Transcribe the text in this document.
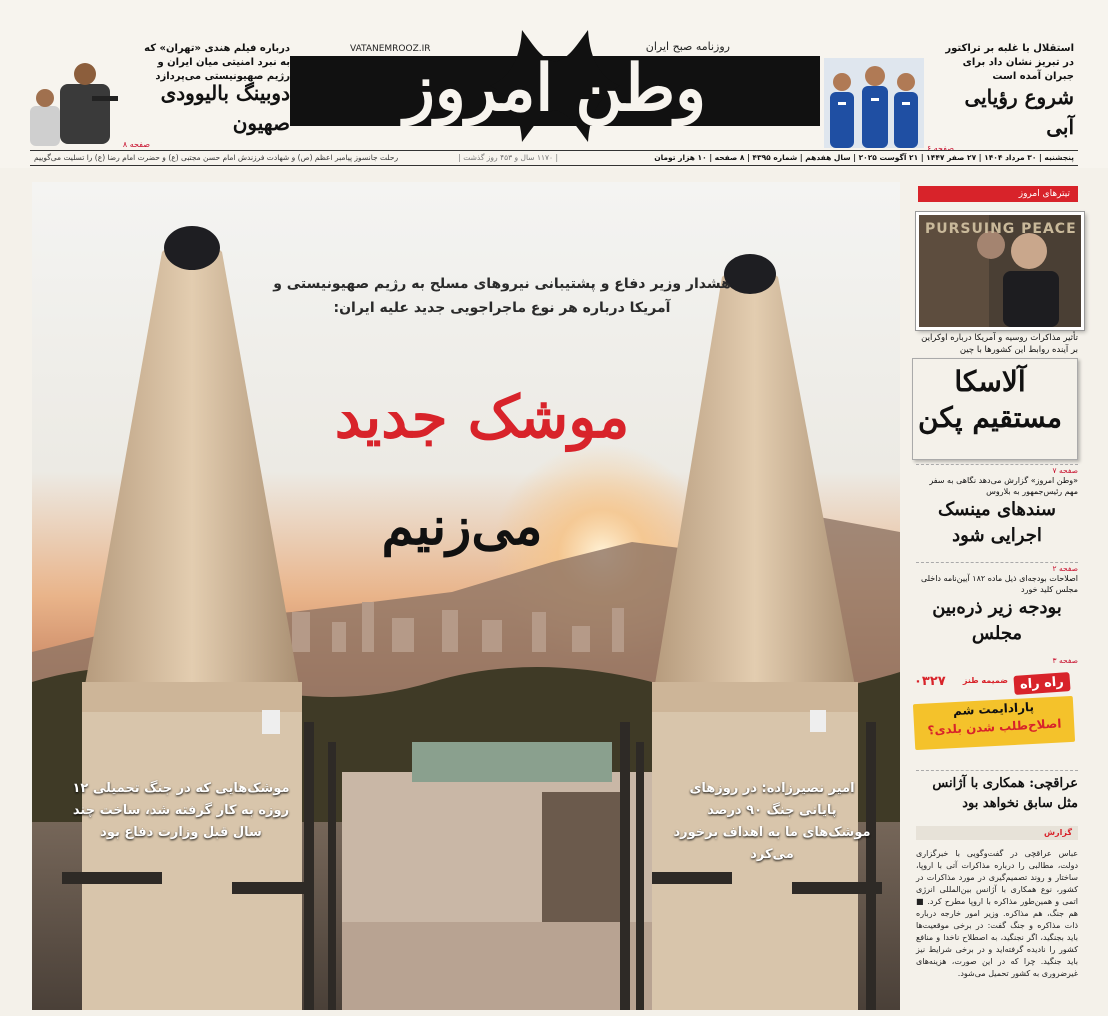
استقلال با غلبه بر تراکتور در تبریز نشان داد برای جبران آمده است
شروع رؤیایی آبی
صفحه ۶
روزنامه صبح ایران
VATANEMROOZ.IR
وطن امروز
درباره فیلم هندی «تهران» که به نبرد امنیتی میان ایران و رژیم صهیونیستی می‌پردازد
دوبینگ بالیوودی صهیون
صفحه ۸
پنجشنبه | ۳۰ مرداد ۱۴۰۴ | ۲۷ صفر ۱۴۴۷ | ۲۱ آگوست ۲۰۲۵ | سال هفدهم | شماره ۴۳۹۵ | ۸ صفحه | ۱۰ هزار تومان
| ۱۱۷۰ سال و ۴۵۳ روز گذشت |
رحلت جانسوز پیامبر اعظم (ص) و شهادت فرزندش امام حسن مجتبی (ع) و حضرت امام رضا (ع) را تسلیت می‌گوییم
هشدار وزیر دفاع و پشتیبانی نیروهای مسلح به رژیم صهیونیستی و آمریکا درباره هر نوع ماجراجویی جدید علیه ایران:
موشک جدید
می‌زنیم
موشک‌هایی که در جنگ تحمیلی ۱۲ روزه به کار گرفته شد، ساخت چند سال قبل وزارت دفاع بود
امیر نصیرزاده: در روزهای پایانی جنگ ۹۰ درصد موشک‌های ما به اهداف برخورد می‌کرد
تیترهای امروز
PURSUING PEACE
تأثیر مذاکرات روسیه و آمریکا درباره اوکراین بر آینده روابط این کشورها با چین
آلاسکا مستقیم پکن
صفحه ۷
«وطن امروز» گزارش می‌دهد نگاهی به سفر مهم رئیس‌جمهور به بلاروس
سندهای مینسک اجرایی شود
صفحه ۲
اصلاحات بودجه‌ای ذیل ماده ۱۸۲ آیین‌نامه داخلی مجلس کلید خورد
بودجه زیر ذره‌بین مجلس
صفحه ۳
راه راه
ضمیمه طنز
۰۳۲۷
پارادایمت شم
اصلاح‌طلب شدن بلدی؟
عراقچی: همکاری با آژانس مثل سابق نخواهد بود
گزارش
عباس عراقچی در گفت‌وگویی با خبرگزاری دولت، مطالبی را درباره مذاکرات آتی با اروپا، ساختار و روند تصمیم‌گیری در مورد مذاکرات در کشور، نوع همکاری با آژانس بین‌المللی انرژی اتمی و همین‌طور مذاکره با اروپا مطرح کرد. ■ هم جنگ، هم مذاکره. وزیر امور خارجه درباره ذات مذاکره و جنگ گفت: در برخی موقعیت‌ها باید بجنگید، اگر نجنگید، به اصطلاح ناخدا و منافع کشور را نادیده گرفته‌اید و در برخی شرایط نیز باید جنگید. چرا که در این صورت، هزینه‌های غیرضروری به کشور تحمیل می‌شود.
